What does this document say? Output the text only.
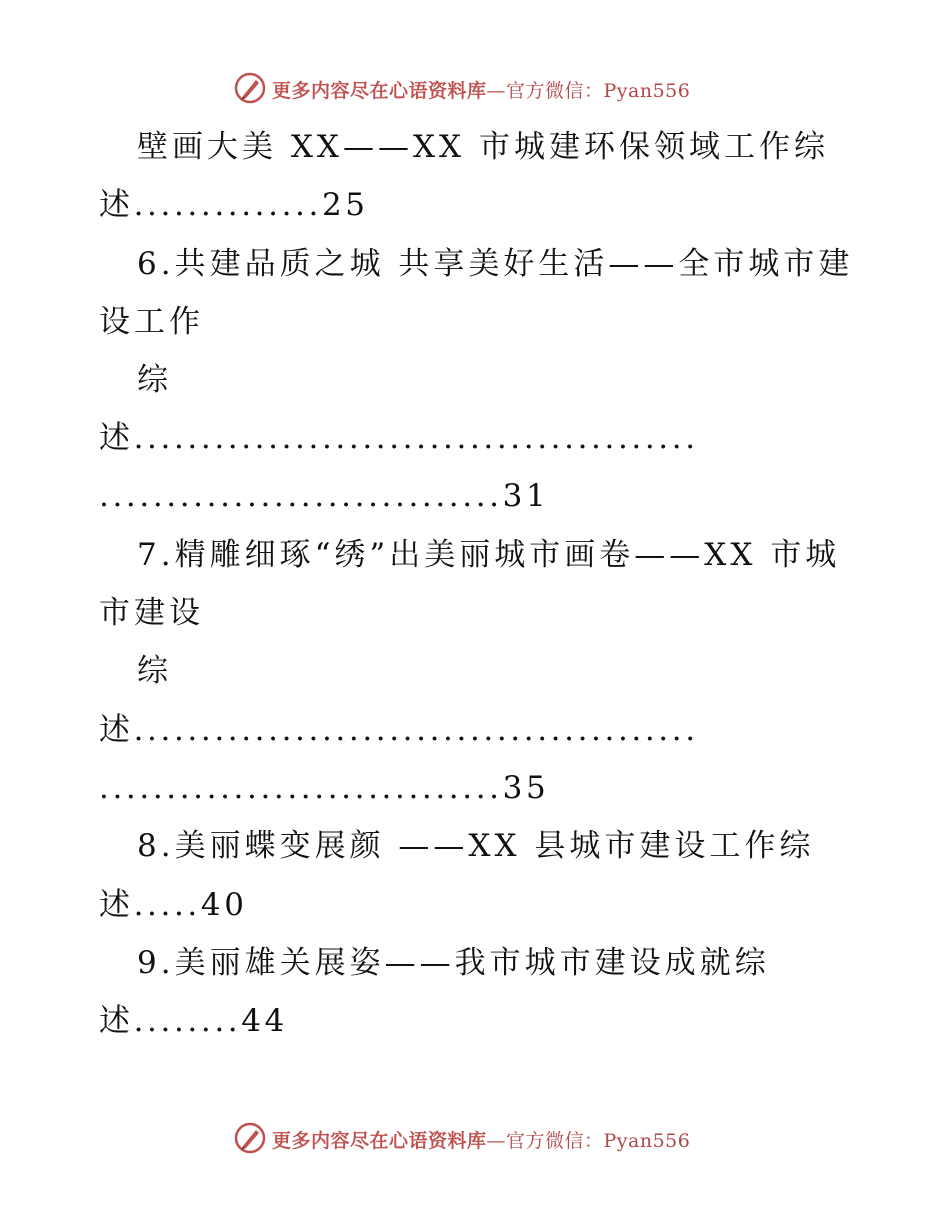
更多内容尽在心语资料库—官方微信：Pyan556
壁画大美 XX——XX 市城建环保领域工作综
述..............25
6.共建品质之城 共享美好生活——全市城市建
设工作
综
述..........................................
..............................31
7.精雕细琢“绣”出美丽城市画卷——XX 市城
市建设
综
述..........................................
..............................35
8.美丽蝶变展颜 ——XX 县城市建设工作综
述.....40
9.美丽雄关展姿——我市城市建设成就综
述........44
更多内容尽在心语资料库—官方微信：Pyan556
